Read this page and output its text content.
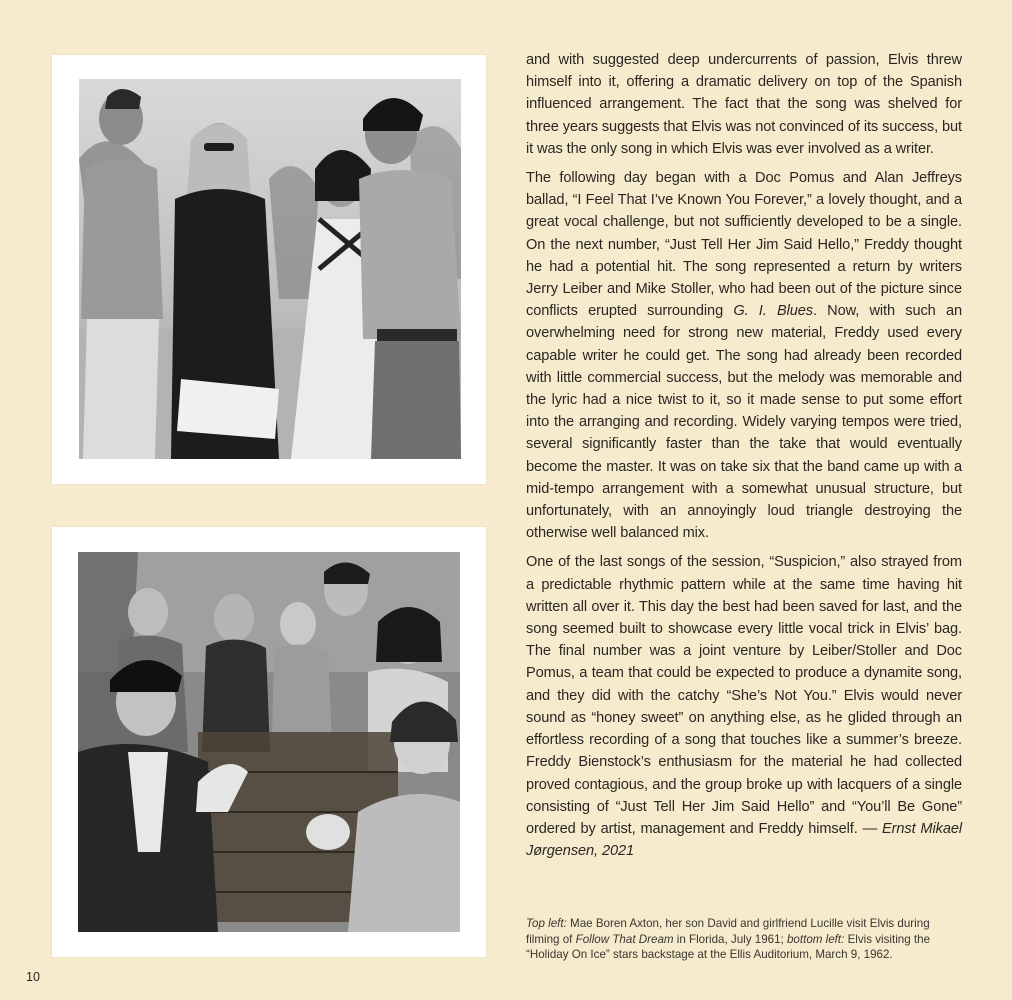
and with suggested deep undercurrents of passion, Elvis threw himself into it, offering a dramatic delivery on top of the Spanish influenced arrangement. The fact that the song was shelved for three years suggests that Elvis was not convinced of its success, but it was the only song in which Elvis was ever involved as a writer.

The following day began with a Doc Pomus and Alan Jeffreys ballad, “I Feel That I’ve Known You Forever,” a lovely thought, and a great vocal challenge, but not sufficiently developed to be a single. On the next number, “Just Tell Her Jim Said Hello,” Freddy thought he had a potential hit. The song represented a return by writers Jerry Leiber and Mike Stoller, who had been out of the picture since conflicts erupted surrounding G. I. Blues. Now, with such an overwhelming need for strong new material, Freddy used every capable writer he could get. The song had already been recorded with little commercial success, but the melody was memorable and the lyric had a nice twist to it, so it made sense to put some effort into the arranging and recording. Widely varying tempos were tried, several significantly faster than the take that would eventually become the master. It was on take six that the band came up with a mid-tempo arrangement with a somewhat unusual structure, but unfortunately, with an annoyingly loud triangle destroying the otherwise well balanced mix.

One of the last songs of the session, “Suspicion,” also strayed from a predictable rhythmic pattern while at the same time having hit written all over it. This day the best had been saved for last, and the song seemed built to showcase every little vocal trick in Elvis’ bag. The final number was a joint venture by Leiber/Stoller and Doc Pomus, a team that could be expected to produce a dynamite song, and they did with the catchy “She’s Not You.” Elvis would never sound as “honey sweet” on anything else, as he glided through an effortless recording of a song that touches like a summer’s breeze. Freddy Bienstock’s enthusiasm for the material he had collected proved contagious, and the group broke up with lacquers of a single consisting of “Just Tell Her Jim Said Hello” and “You’ll Be Gone” ordered by artist, management and Freddy himself. — Ernst Mikael Jørgensen, 2021

Top left: Mae Boren Axton, her son David and girlfriend Lucille visit Elvis during filming of Follow That Dream in Florida, July 1961; bottom left: Elvis visiting the “Holiday On Ice” stars backstage at the Ellis Auditorium, March 9, 1962.
10
